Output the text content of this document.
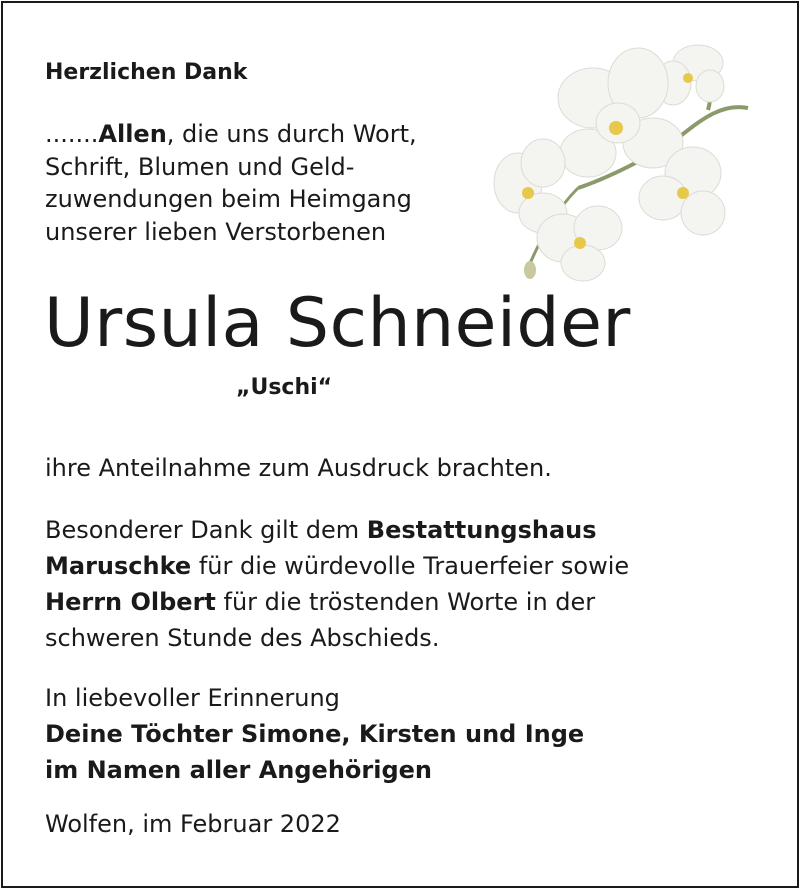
Herzlichen Dank
.......Allen, die uns durch Wort,
Schrift, Blumen und Geld-
zuwendungen beim Heimgang
unserer lieben Verstorbenen
Ursula Schneider
„Uschi“
ihre Anteilnahme zum Ausdruck brachten.
Besonderer Dank gilt dem Bestattungshaus
Maruschke für die würdevolle Trauerfeier sowie
Herrn Olbert für die tröstenden Worte in der
schweren Stunde des Abschieds.
In liebevoller Erinnerung
Deine Töchter Simone, Kirsten und Inge
im Namen aller Angehörigen
Wolfen, im Februar 2022
